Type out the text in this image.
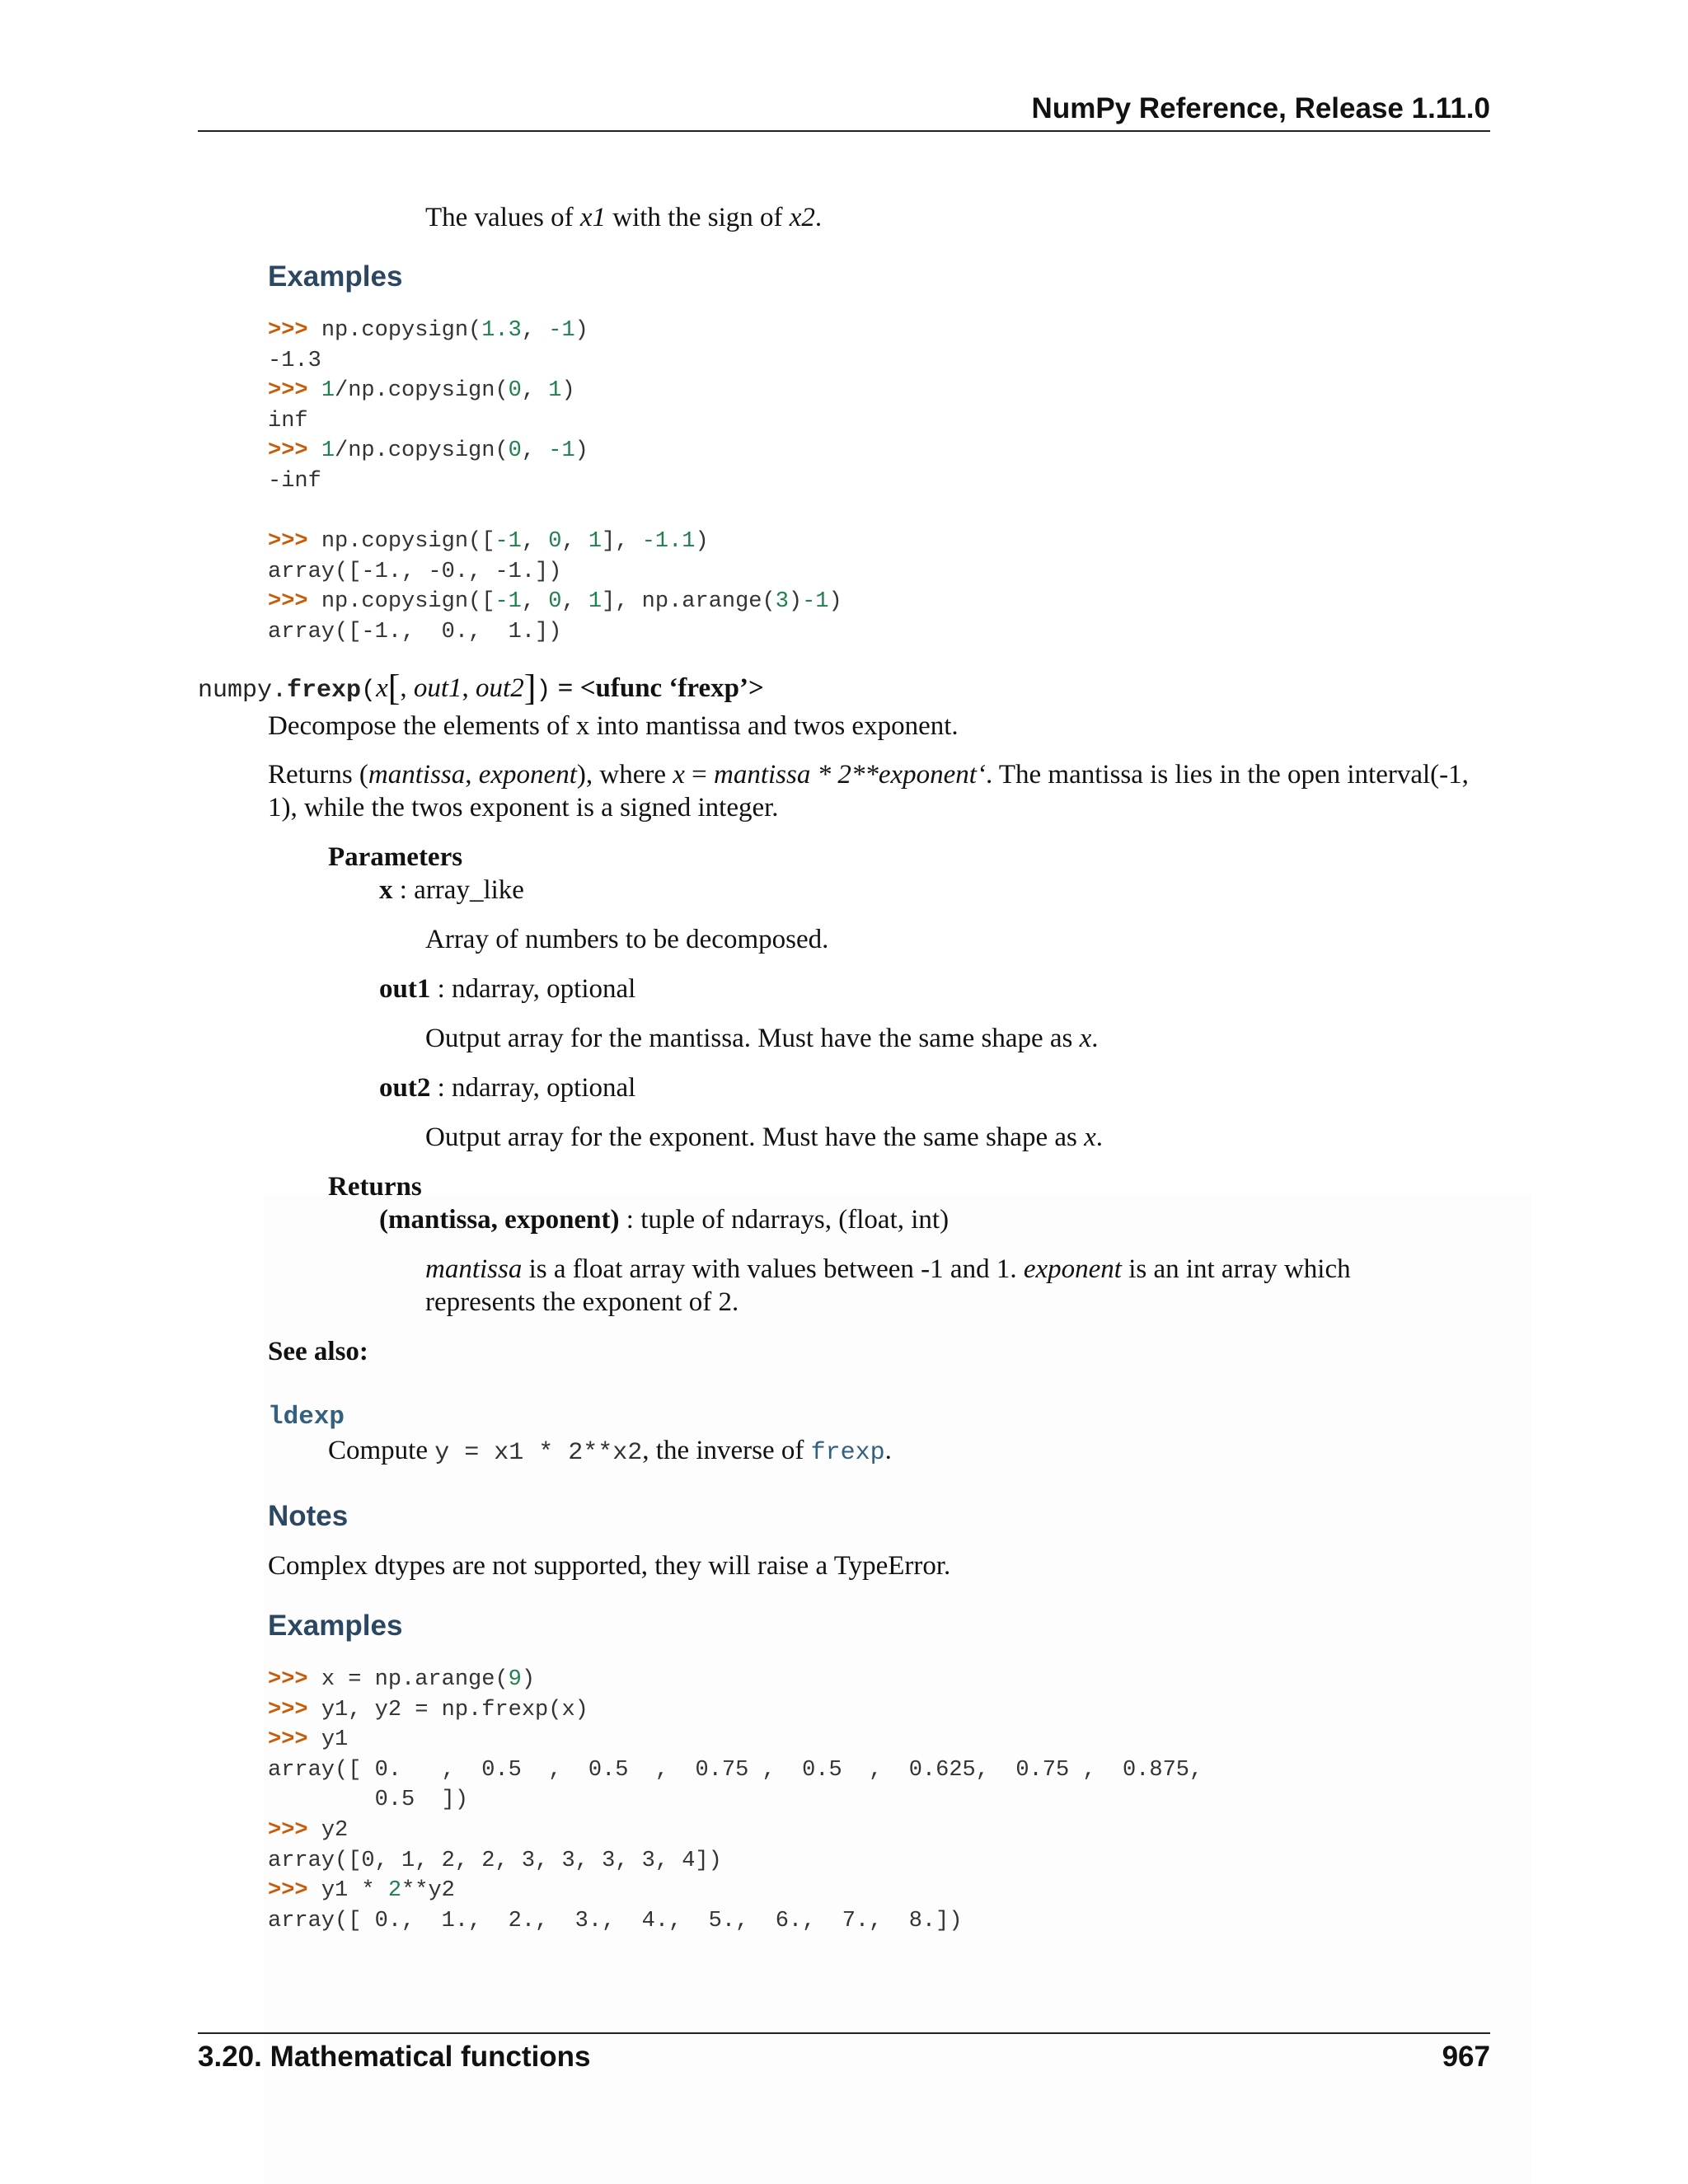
NumPy Reference, Release 1.11.0
The values of x1 with the sign of x2.
Examples
>>> np.copysign(1.3, -1)
-1.3
>>> 1/np.copysign(0, 1)
inf
>>> 1/np.copysign(0, -1)
-inf
>>> np.copysign([-1, 0, 1], -1.1)
array([-1., -0., -1.])
>>> np.copysign([-1, 0, 1], np.arange(3)-1)
array([-1.,  0.,  1.])
numpy.frexp(x[, out1, out2]) = <ufunc ‘frexp’>
Decompose the elements of x into mantissa and twos exponent.
Returns (mantissa, exponent), where x = mantissa * 2**exponent‘. The mantissa is lies in the open interval(-1,
1), while the twos exponent is a signed integer.
Parameters
x : array_like
Array of numbers to be decomposed.
out1 : ndarray, optional
Output array for the mantissa. Must have the same shape as x.
out2 : ndarray, optional
Output array for the exponent. Must have the same shape as x.
Returns
(mantissa, exponent) : tuple of ndarrays, (float, int)
mantissa is a float array with values between -1 and 1. exponent is an int array which
represents the exponent of 2.
See also:
ldexp
Compute y = x1 * 2**x2, the inverse of frexp.
Notes
Complex dtypes are not supported, they will raise a TypeError.
Examples
>>> x = np.arange(9)
>>> y1, y2 = np.frexp(x)
>>> y1
array([ 0.   ,  0.5  ,  0.5  ,  0.75 ,  0.5  ,  0.625,  0.75 ,  0.875,
0.5  ])
>>> y2
array([0, 1, 2, 2, 3, 3, 3, 3, 4])
>>> y1 * 2**y2
array([ 0.,  1.,  2.,  3.,  4.,  5.,  6.,  7.,  8.])
3.20. Mathematical functions	967
